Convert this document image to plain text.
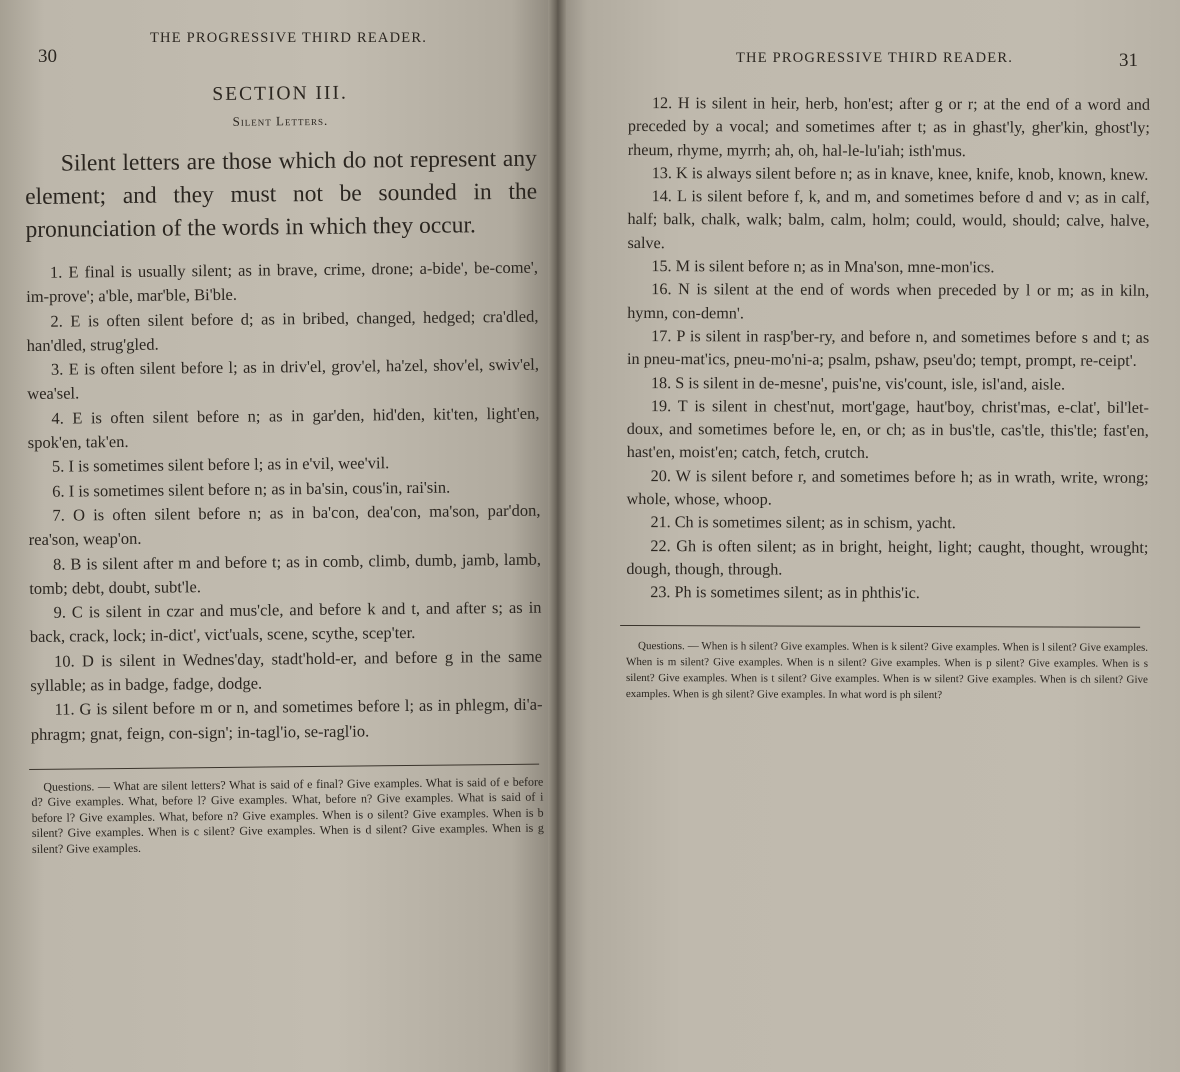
30
THE PROGRESSIVE THIRD READER.
SECTION III.
Silent Letters.

Silent letters are those which do not represent any element; and they must not be sounded in the pronunciation of the words in which they occur.

1. E final is usually silent; as in brave, crime, drone; a-bide', be-come', im-prove'; a'ble, mar'ble, Bi'ble.

2. E is often silent before d; as in bribed, changed, hedged; cra'dled, han'dled, strug'gled.

3. E is often silent before l; as in driv'el, grov'el, ha'zel, shov'el, swiv'el, wea'sel.

4. E is often silent before n; as in gar'den, hid'den, kit'ten, light'en, spok'en, tak'en.

5. I is sometimes silent before l; as in e'vil, wee'vil.

6. I is sometimes silent before n; as in ba'sin, cous'in, rai'sin.

7. O is often silent before n; as in ba'con, dea'con, ma'son, par'don, rea'son, weap'on.

8. B is silent after m and before t; as in comb, climb, dumb, jamb, lamb, tomb; debt, doubt, subt'le.

9. C is silent in czar and mus'cle, and before k and t, and after s; as in back, crack, lock; in-dict', vict'uals, scene, scythe, scep'ter.

10. D is silent in Wednes'day, stadt'hold-er, and before g in the same syllable; as in badge, fadge, dodge.

11. G is silent before m or n, and sometimes before l; as in phlegm, di'a-phragm; gnat, feign, con-sign'; in-tagl'io, se-ragl'io.

Questions. — What are silent letters? What is said of e final? Give examples. What is said of e before d? Give examples. What, before l? Give examples. What, before n? Give examples. What is said of i before l? Give examples. What, before n? Give examples. When is o silent? Give examples. When is b silent? Give examples. When is c silent? Give examples. When is d silent? Give examples. When is g silent? Give examples.

THE PROGRESSIVE THIRD READER.	31

12. H is silent in heir, herb, hon'est; after g or r; at the end of a word and preceded by a vocal; and sometimes after t; as in ghast'ly, gher'kin, ghost'ly; rheum, rhyme, myrrh; ah, oh, hal-le-lu'iah; isth'mus.

13. K is always silent before n; as in knave, knee, knife, knob, known, knew.

14. L is silent before f, k, and m, and sometimes before d and v; as in calf, half; balk, chalk, walk; balm, calm, holm; could, would, should; calve, halve, salve.

15. M is silent before n; as in Mna'son, mne-mon'ics.

16. N is silent at the end of words when preceded by l or m; as in kiln, hymn, con-demn'.

17. P is silent in rasp'ber-ry, and before n, and sometimes before s and t; as in pneu-mat'ics, pneu-mo'ni-a; psalm, pshaw, pseu'do; tempt, prompt, re-ceipt'.

18. S is silent in de-mesne', puis'ne, vis'count, isle, isl'and, aisle.

19. T is silent in chest'nut, mort'gage, haut'boy, christ'mas, e-clat', bil'let-doux, and sometimes before le, en, or ch; as in bus'tle, cas'tle, this'tle; fast'en, hast'en, moist'en; catch, fetch, crutch.

20. W is silent before r, and sometimes before h; as in wrath, write, wrong; whole, whose, whoop.

21. Ch is sometimes silent; as in schism, yacht.

22. Gh is often silent; as in bright, height, light; caught, thought, wrought; dough, though, through.

23. Ph is sometimes silent; as in phthis'ic.

Questions. — When is h silent? Give examples. When is k silent? Give examples. When is l silent? Give examples. When is m silent? Give examples. When is n silent? Give examples. When is p silent? Give examples. When is s silent? Give examples. When is t silent? Give examples. When is w silent? Give examples. When is ch silent? Give examples. When is gh silent? Give examples. In what word is ph silent?
